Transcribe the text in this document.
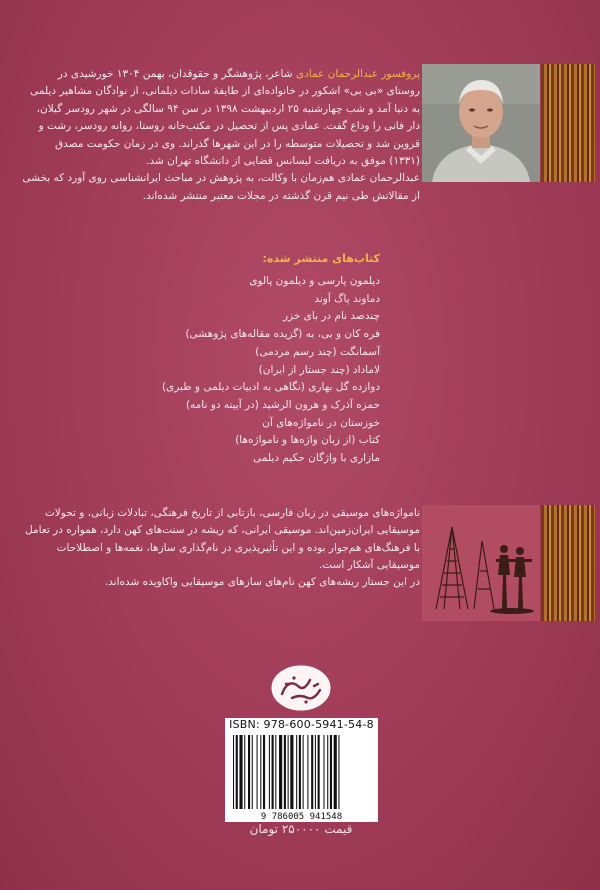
پروفسور عبدالرحمان عمادی شاعر، پژوهشگر و حقوقدان، بهمن ۱۳۰۴ خورشیدی در روستای «بی بی» اشکور در خانواده‌ای از طایفهٔ سادات دیلمانی، از نوادگان مشاهیر دیلمی به دنیا آمد و شب چهارشنبه ۲۵ اردیبهشت ۱۳۹۸ در سن ۹۴ سالگی در شهر رودسر گیلان، دار فانی را وداع گفت. عمادی پس از تحصیل در مکتب‌خانه روستا، روانه رودسر، رشت و قزوین شد و تحصیلات متوسطه را در این شهرها گذراند. وی در زمان حکومت مصدق (۱۳۳۱) موفق به دریافت لیسانس قضایی از دانشگاه تهران شد.

عبدالرحمان عمادی هم‌زمان با وکالت، به پژوهش در مباحث ایرانشناسی روی آورد که بخشی از مقالاتش طی نیم قرن گذشته در مجلات معتبر منتشر شده‌اند.

کتاب‌های منتشر شده:
دیلمون پارسی و دیلمون پالوی
دماوند پاگ آوند
چندصد نام در بای خزر
فره کان و بی، به (گزیده مقاله‌های پژوهشی)
آسمانگت (چند رسم مردمی)
لاماداد (چند جستار از ایران)
دوازده گل بهاری (نگاهی به ادبیات دیلمی و طبری)
حمزه آذرک و هرون الرشید (در آیینه دو نامه)
خوزستان در نامواژه‌های آن
کتاب (از زبان واژه‌ها و نامواژه‌ها)
مازاری با واژگان حکیم دیلمی

نامواژه‌های موسیقی در زبان فارسی، بازتابی از تاریخ فرهنگی، تبادلات زبانی، و تحولات موسیقایی ایران‌زمین‌اند. موسیقی ایرانی، که ریشه در سنت‌های کهن دارد، همواره در تعامل با فرهنگ‌های هم‌جوار بوده و این تأثیرپذیری در نام‌گذاری سازها، نغمه‌ها و اصطلاحات موسیقایی آشکار است.

در این جستار ریشه‌های کهن نام‌های سازهای موسیقایی واکاویده شده‌اند.

ISBN: 978-600-5941-54-8
9 786005 941548
قیمت ۲۵۰۰۰۰ تومان
